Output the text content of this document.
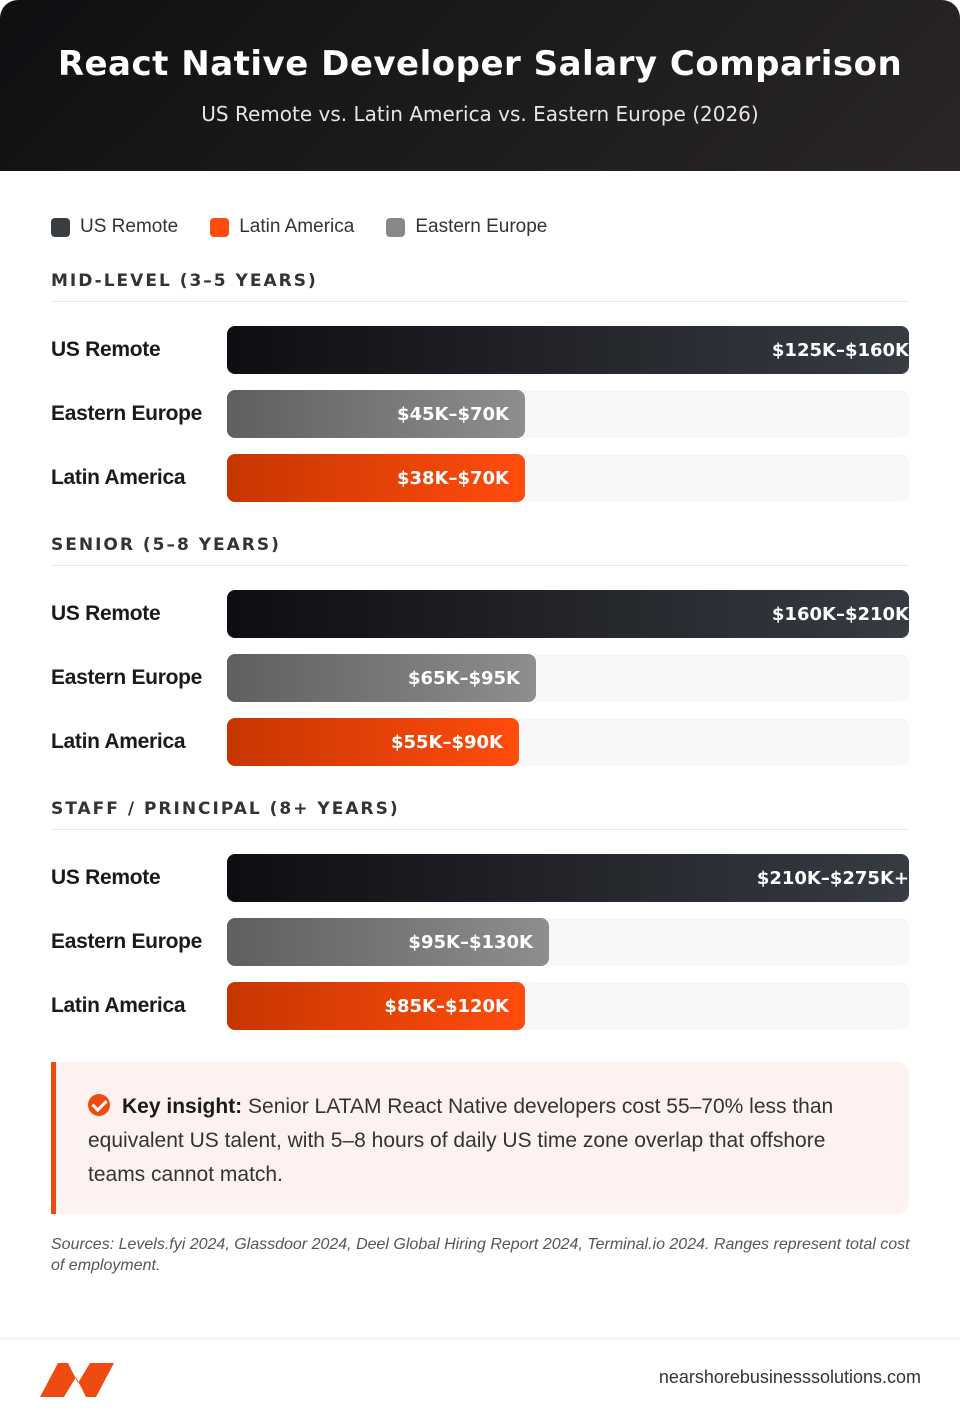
React Native Developer Salary Comparison
US Remote vs. Latin America vs. Eastern Europe (2026)
US Remote	Latin America	Eastern Europe
MID-LEVEL (3–5 YEARS)
US Remote	$125K–$160K
Eastern Europe	$45K–$70K
Latin America	$38K–$70K
SENIOR (5–8 YEARS)
US Remote	$160K–$210K
Eastern Europe	$65K–$95K
Latin America	$55K–$90K
STAFF / PRINCIPAL (8+ YEARS)
US Remote	$210K–$275K+
Eastern Europe	$95K–$130K
Latin America	$85K–$120K
Key insight: Senior LATAM React Native developers cost 55–70% less than equivalent US talent, with 5–8 hours of daily US time zone overlap that offshore teams cannot match.
Sources: Levels.fyi 2024, Glassdoor 2024, Deel Global Hiring Report 2024, Terminal.io 2024. Ranges represent total cost of employment.
nearshorebusinesssolutions.com
